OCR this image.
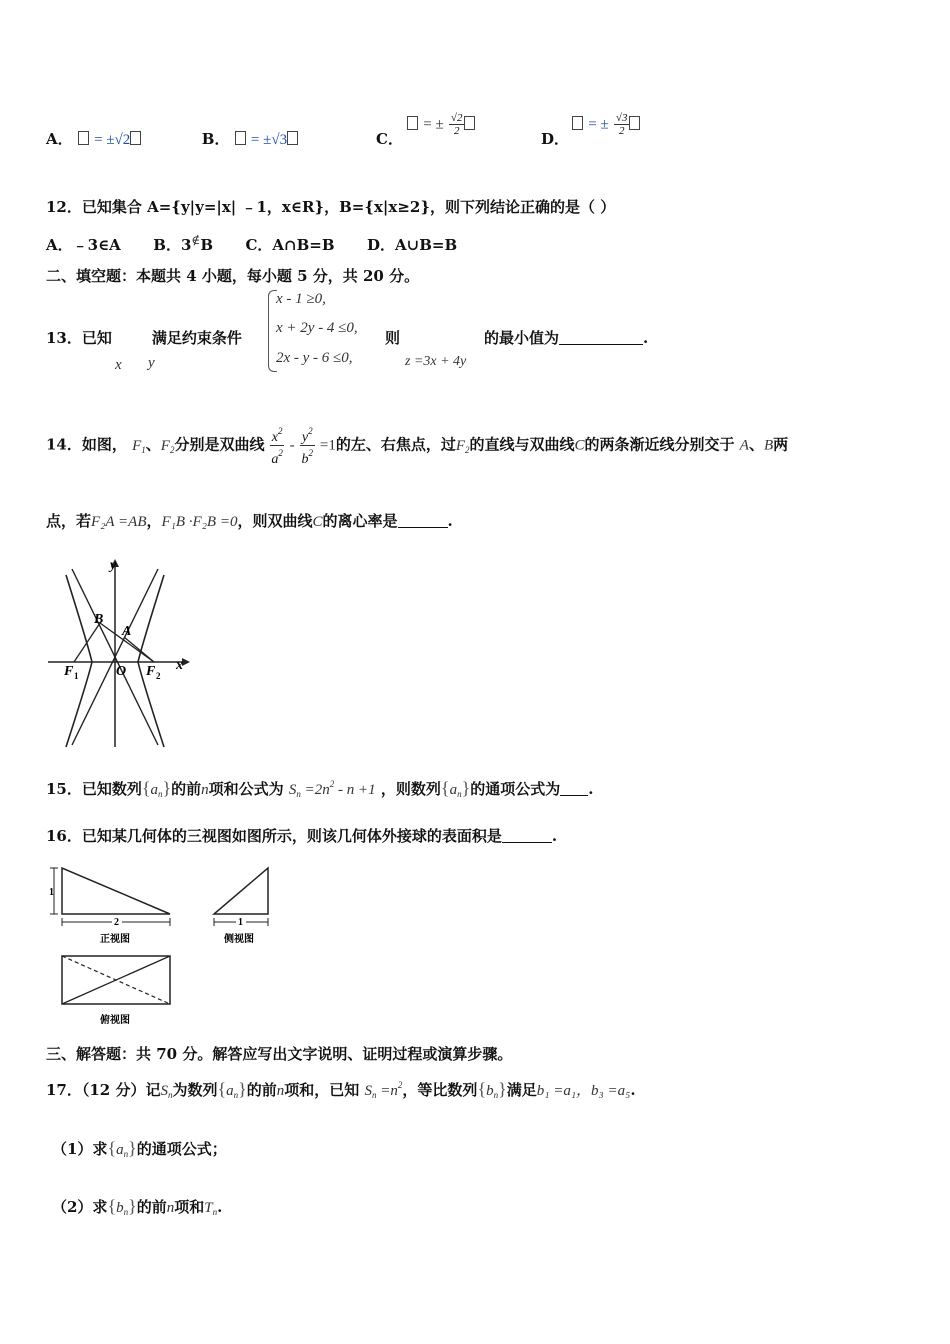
A． = ±√2	B． = ±√3	C．
= ± $\frac{√2}{2}$
D．
= ± $\frac{√3}{2}$
12．已知集合 A={y|y=|x| ﹣1，x∈R}，B={x|x≥2}，则下列结论正确的是（ ）
A．﹣3∈A B．3∉B C．A∩B=B D．A∪B=B
二、填空题：本题共 4 小题，每小题 5 分，共 20 分。
13．已知	满足约束条件
x y
x - 1 ≥0,
x + 2y - 4 ≤0,
2x - y - 6 ≤0,
则
z =3x + 4y
的最小值为	.
14．如图， $F_1$、$F_2$分别是双曲线 $\frac{x^2}{a^2} - \frac{y^2}{b^2} =1$的左、右焦点，过$F_2$的直线与双曲线C的两条渐近线分别交于 A、B两
点，若F₂A =AB，F₁B ·F₂B =0，则双曲线C的离心率是	.
y
x
B
A
O
F 1	F 2
15．已知数列$\{a_n\}$的前n项和公式为 $S_n =2n^2 - n +1$ ，则数列$\{a_n\}$的通项公式为 .
16．已知某几何体的三视图如图所示，则该几何体外接球的表面积是	.
1
2
正视图
1
侧视图
俯视图
三、解答题：共 70 分。解答应写出文字说明、证明过程或演算步骤。
17．（12 分）记$S_n$为数列$\{a_n\}$的前n项和，已知 $S_n =n^2$，等比数列$\{b_n\}$满足b₁ =a₁，b₃ =a₅.
（1）求$\{a_n\}$的通项公式；
（2）求$\{b_n\}$的前n项和$T_n$.
